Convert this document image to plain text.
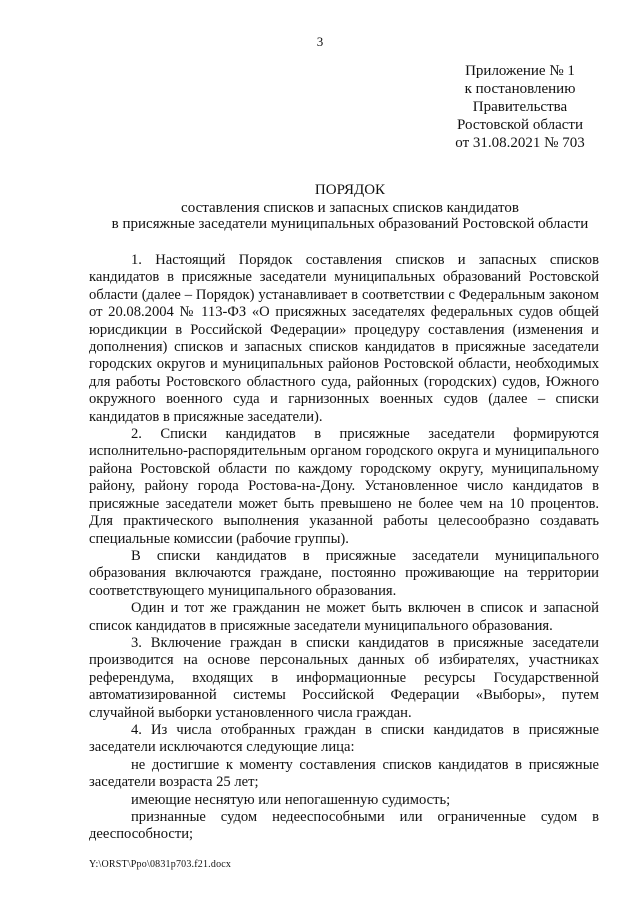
3
Приложение № 1
к постановлению
Правительства
Ростовской области
от 31.08.2021 № 703
ПОРЯДОК
составления списков и запасных списков кандидатов
в присяжные заседатели муниципальных образований Ростовской области

1. Настоящий Порядок составления списков и запасных списков кандидатов в присяжные заседатели муниципальных образований Ростовской области (далее – Порядок) устанавливает в соответствии с Федеральным законом от 20.08.2004 № 113-ФЗ «О присяжных заседателях федеральных судов общей юрисдикции в Российской Федерации» процедуру составления (изменения и дополнения) списков и запасных списков кандидатов в присяжные заседатели городских округов и муниципальных районов Ростовской области, необходимых для работы Ростовского областного суда, районных (городских) судов, Южного окружного военного суда и гарнизонных военных судов (далее – списки кандидатов в присяжные заседатели).

2. Списки кандидатов в присяжные заседатели формируются исполнительно-распорядительным органом городского округа и муниципального района Ростовской области по каждому городскому округу, муниципальному району, району города Ростова-на-Дону. Установленное число кандидатов в присяжные заседатели может быть превышено не более чем на 10 процентов. Для практического выполнения указанной работы целесообразно создавать специальные комиссии (рабочие группы).

В списки кандидатов в присяжные заседатели муниципального образования включаются граждане, постоянно проживающие на территории соответствующего муниципального образования.

Один и тот же гражданин не может быть включен в список и запасной список кандидатов в присяжные заседатели муниципального образования.

3. Включение граждан в списки кандидатов в присяжные заседатели производится на основе персональных данных об избирателях, участниках референдума, входящих в информационные ресурсы Государственной автоматизированной системы Российской Федерации «Выборы», путем случайной выборки установленного числа граждан.

4. Из числа отобранных граждан в списки кандидатов в присяжные заседатели исключаются следующие лица:

не достигшие к моменту составления списков кандидатов в присяжные заседатели возраста 25 лет;

имеющие неснятую или непогашенную судимость;

признанные судом недееспособными или ограниченные судом в дееспособности;

Y:\ORST\Ppo\0831p703.f21.docx
